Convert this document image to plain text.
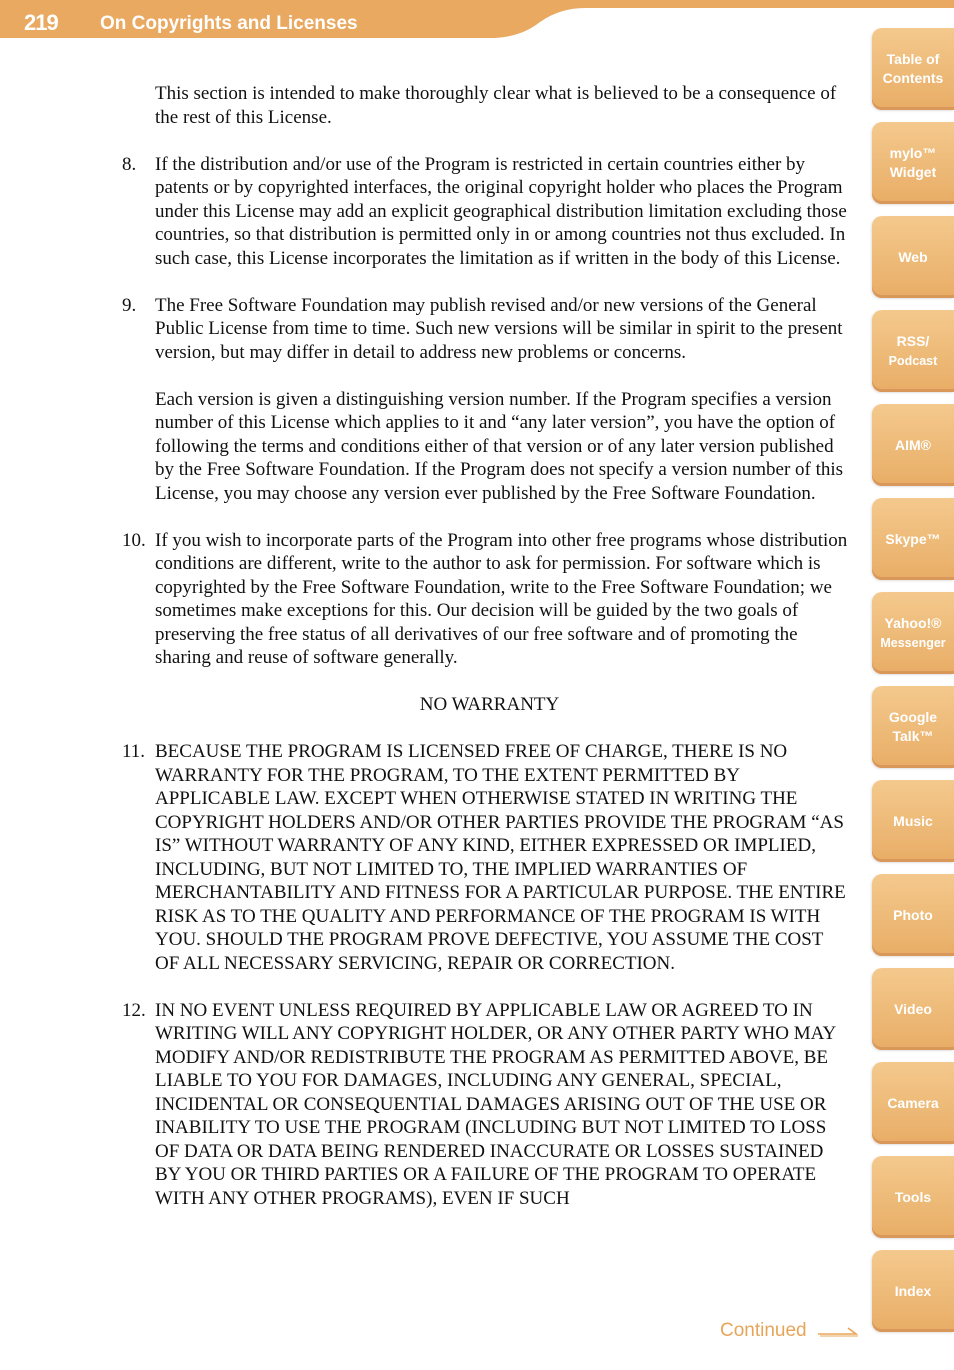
219 On Copyrights and Licenses

This section is intended to make thoroughly clear what is believed to be a consequence of the rest of this License.

8. If the distribution and/or use of the Program is restricted in certain countries either by patents or by copyrighted interfaces, the original copyright holder who places the Program under this License may add an explicit geographical distribution limitation excluding those countries, so that distribution is permitted only in or among countries not thus excluded. In such case, this License incorporates the limitation as if written in the body of this License.
9. The Free Software Foundation may publish revised and/or new versions of the General Public License from time to time. Such new versions will be similar in spirit to the present version, but may differ in detail to address new problems or concerns.

Each version is given a distinguishing version number. If the Program specifies a version number of this License which applies to it and “any later version”, you have the option of following the terms and conditions either of that version or of any later version published by the Free Software Foundation. If the Program does not specify a version number of this License, you may choose any version ever published by the Free Software Foundation.

10. If you wish to incorporate parts of the Program into other free programs whose distribution conditions are different, write to the author to ask for permission. For software which is copyrighted by the Free Software Foundation, write to the Free Software Foundation; we sometimes make exceptions for this. Our decision will be guided by the two goals of preserving the free status of all derivatives of our free software and of promoting the sharing and reuse of software generally.

NO WARRANTY

11. BECAUSE THE PROGRAM IS LICENSED FREE OF CHARGE, THERE IS NO WARRANTY FOR THE PROGRAM, TO THE EXTENT PERMITTED BY APPLICABLE LAW. EXCEPT WHEN OTHERWISE STATED IN WRITING THE COPYRIGHT HOLDERS AND/OR OTHER PARTIES PROVIDE THE PROGRAM “AS IS” WITHOUT WARRANTY OF ANY KIND, EITHER EXPRESSED OR IMPLIED, INCLUDING, BUT NOT LIMITED TO, THE IMPLIED WARRANTIES OF MERCHANTABILITY AND FITNESS FOR A PARTICULAR PURPOSE. THE ENTIRE RISK AS TO THE QUALITY AND PERFORMANCE OF THE PROGRAM IS WITH YOU. SHOULD THE PROGRAM PROVE DEFECTIVE, YOU ASSUME THE COST OF ALL NECESSARY SERVICING, REPAIR OR CORRECTION.
12. IN NO EVENT UNLESS REQUIRED BY APPLICABLE LAW OR AGREED TO IN WRITING WILL ANY COPYRIGHT HOLDER, OR ANY OTHER PARTY WHO MAY MODIFY AND/OR REDISTRIBUTE THE PROGRAM AS PERMITTED ABOVE, BE LIABLE TO YOU FOR DAMAGES, INCLUDING ANY GENERAL, SPECIAL, INCIDENTAL OR CONSEQUENTIAL DAMAGES ARISING OUT OF THE USE OR INABILITY TO USE THE PROGRAM (INCLUDING BUT NOT LIMITED TO LOSS OF DATA OR DATA BEING RENDERED INACCURATE OR LOSSES SUSTAINED BY YOU OR THIRD PARTIES OR A FAILURE OF THE PROGRAM TO OPERATE WITH ANY OTHER PROGRAMS), EVEN IF SUCH
Table of
Contents
mylo™
Widget
Web
RSS/
Podcast
AIM®
Skype™
Yahoo!®
Messenger
Google
Talk™
Music
Photo
Video
Camera
Tools
Index
Continued
